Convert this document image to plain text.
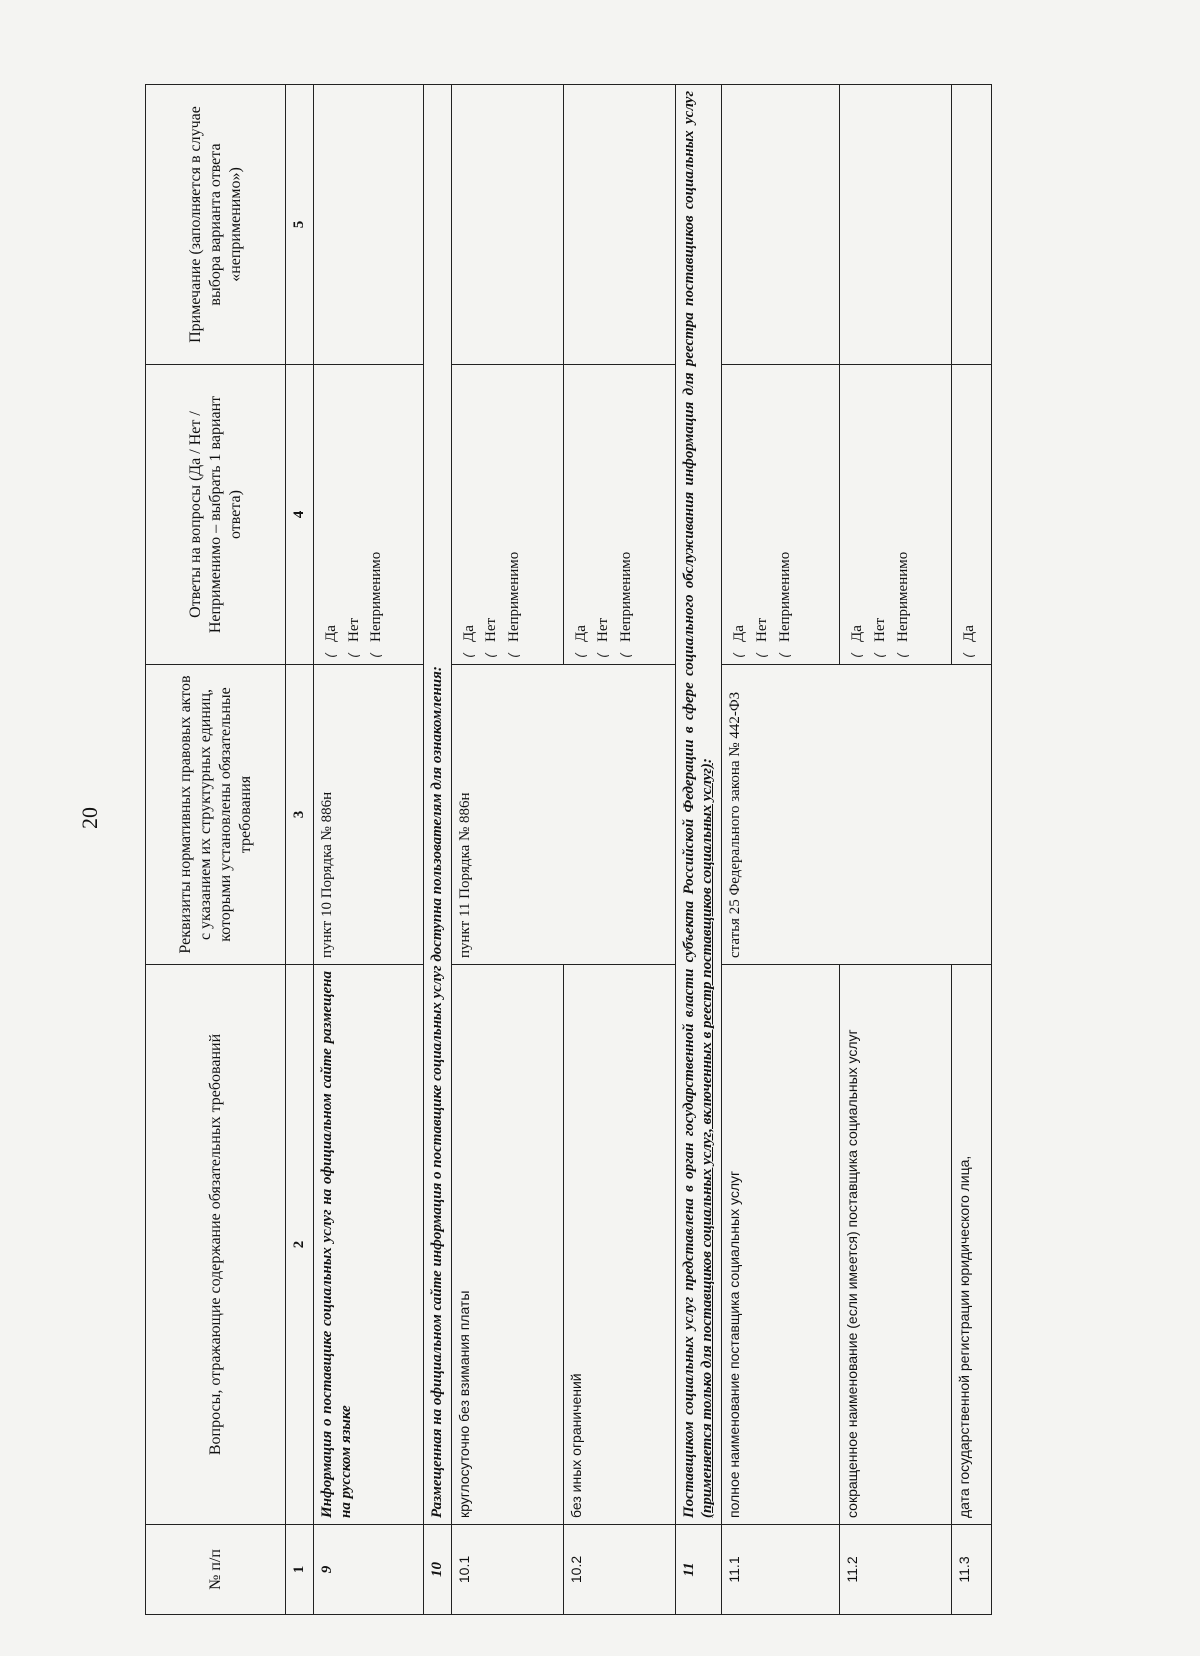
20
№ п/п	Вопросы, отражающие содержание обязательных требований	Реквизиты нормативных правовых актов с указанием их структурных единиц, которыми установлены обязательные требования	Ответы на вопросы (Да / Нет / Неприменимо – выбрать 1 вариант ответа)	Примечание (заполняется в случае выбора варианта ответа «неприменимо»)
1	2	3	4	5
9	Информация о поставщике социальных услуг на официальном сайте размещена на русском языке	пункт 10 Порядка № 886н	(Да
(Нет
(Неприменимо	

10	Размещенная на официальном сайте информация о поставщике социальных услуг доступна пользователям для ознакомления:			
10.1	круглосуточно без взимания платы	пункт 11 Порядка № 886н	(Да
(Нет
(Неприменимо	

10.2	без иных ограничений		(Да
(Нет
(Неприменимо	

11	Поставщиком социальных услуг представлена в орган государственной власти субъекта Российской Федерации в сфере социального обслуживания информация для реестра поставщиков социальных услуг (применяется только для поставщиков социальных услуг, включенных в реестр поставщиков социальных услуг):			
11.1	полное наименование поставщика социальных услуг	статья 25 Федерального закона № 442-ФЗ	(Да
(Нет
(Неприменимо	

11.2	сокращенное наименование (если имеется) поставщика социальных услуг		(Да
(Нет
(Неприменимо	

11.3	дата государственной регистрации юридического лица,		(Да	
